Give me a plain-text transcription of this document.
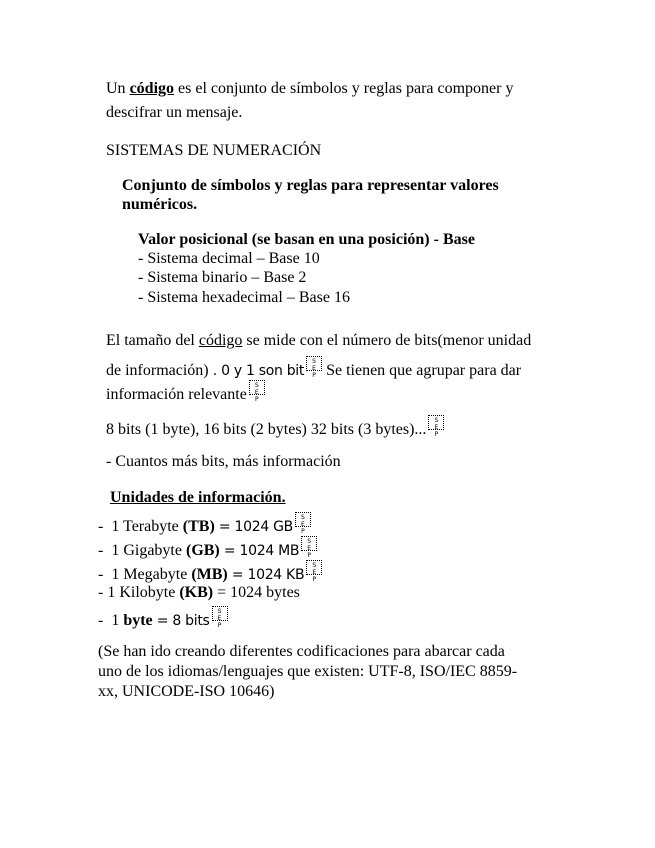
Un código es el conjunto de símbolos y reglas para componer y
descifrar un mensaje.
SISTEMAS DE NUMERACIÓN
Conjunto de símbolos y reglas para representar valores
numéricos.
Valor posicional (se basan en una posición) - Base
- Sistema decimal – Base 10
- Sistema binario – Base 2
- Sistema hexadecimal – Base 16
El tamaño del código se mide con el número de bits(menor unidad
de información) . 0 y 1 son bit
S
E
P Se tienen que agrupar para dar
información relevante
S
E
P
8 bits (1 byte), 16 bits (2 bytes) 32 bits (3 bytes)...
S
E
P
- Cuantos más bits, más información
Unidades de información.
- 1 Terabyte (TB) = 1024 GB
S
E
P
- 1 Gigabyte (GB) = 1024 MB
S
E
P
- 1 Megabyte (MB) = 1024 KB
S
E
P
- 1 Kilobyte (KB) = 1024 bytes
- 1 byte = 8 bits
S
E
P
(Se han ido creando diferentes codificaciones para abarcar cada
uno de los idiomas/lenguajes que existen: UTF-8, ISO/IEC 8859-
xx, UNICODE-ISO 10646)
